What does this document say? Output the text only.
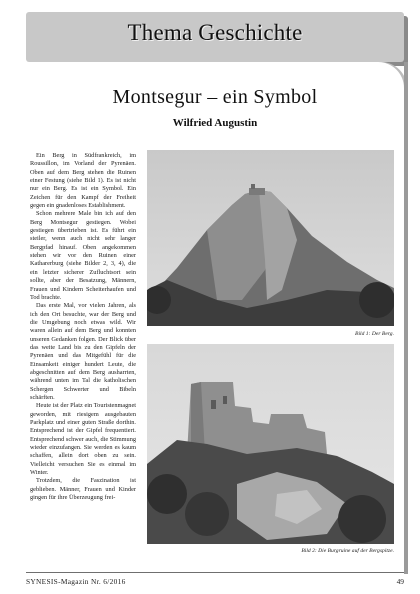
Thema Geschichte
Montsegur – ein Symbol
Wilfried Augustin

Ein Berg in Südfrankreich, im Roussillon, im Vorland der Pyrenäen. Oben auf dem Berg stehen die Ruinen einer Festung (siehe Bild 1). Es ist nicht nur ein Berg. Es ist ein Symbol. Ein Zeichen für den Kampf der Freiheit gegen ein gnadenloses Establishment.

Schon mehrere Male bin ich auf den Berg Montsegur gestiegen. Wobei gestiegen übertrieben ist. Es führt ein steiler, wenn auch nicht sehr langer Bergpfad hinauf. Oben angekommen stehen wir vor den Ruinen einer Katharerburg (siehe Bilder 2, 3, 4), die ein letzter sicherer Zufluchtsort sein sollte, aber der Besatzung, Männern, Frauen und Kindern Scheiterhaufen und Tod brachte.

Das erste Mal, vor vielen Jahren, als ich den Ort besuchte, war der Berg und die Umgebung noch etwas wild. Wir waren allein auf dem Berg und konnten unseren Gedanken folgen. Der Blick über das weite Land bis zu den Gipfeln der Pyrenäen und das Mitgefühl für die Einsamkeit einiger hundert Leute, die abgeschnitten auf dem Berg ausharrten, während unten im Tal die katholischen Schergen Schwerter und Bibeln schärften.

Heute ist der Platz ein Touristenmagnet geworden, mit riesigem ausgebauten Parkplatz und einer guten Straße dorthin. Entsprechend ist der Gipfel frequentiert. Entsprechend schwer auch, die Stimmung wieder einzufangen. Sie werden es kaum schaffen, allein dort oben zu sein. Vielleicht versuchen Sie es einmal im Winter.

Trotzdem, die Faszination ist geblieben. Männer, Frauen und Kinder gingen für ihre Überzeugung frei-

Bild 1: Der Berg.
Bild 2: Die Burgruine auf der Bergspitze.
SYNESIS-Magazin Nr. 6/2016	49
